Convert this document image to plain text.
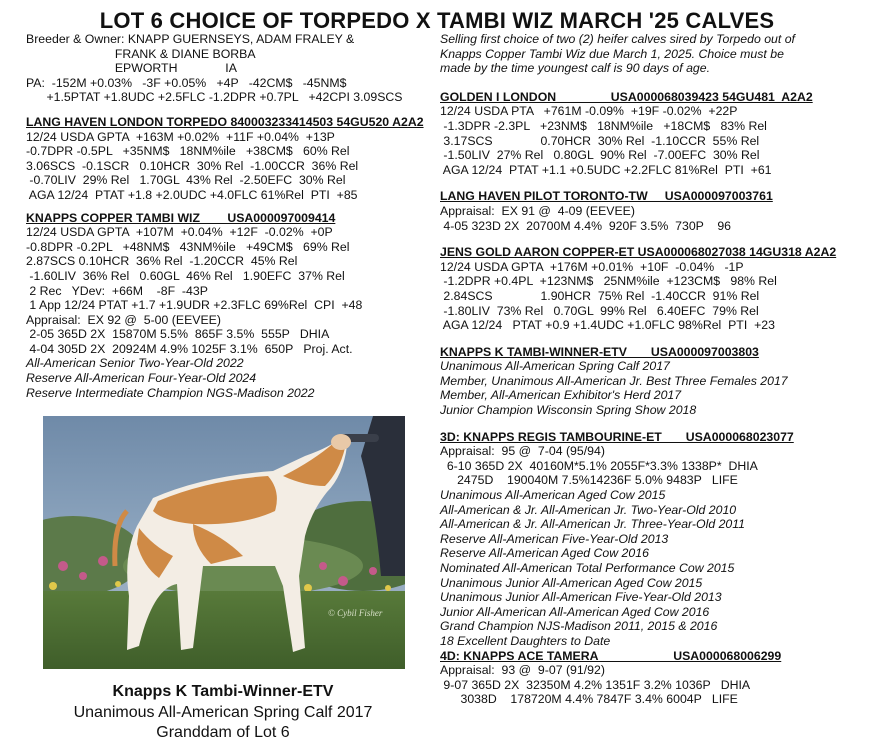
LOT 6 CHOICE OF TORPEDO X TAMBI WIZ MARCH '25 CALVES
Breeder & Owner: KNAPP GUERNSEYS, ADAM FRALEY &
FRANK & DIANE BORBA
EPWORTH              IA
PA:  -152M +0.03%   -3F +0.05%   +4P   -42CM$   -45NM$
+1.5PTAT +1.8UDC +2.5FLC -1.2DPR +0.7PL   +42CPI 3.09SCS
LANG HAVEN LONDON TORPEDO 840003233414503 54GU520 A2A2
12/24 USDA GPTA  +163M +0.02%  +11F +0.04%  +13P
-0.7DPR -0.5PL   +35NM$   18NM%ile   +38CM$   60% Rel
3.06SCS  -0.1SCR   0.10HCR  30% Rel  -1.00CCR  36% Rel
-0.70LIV  29% Rel   1.70GL  43% Rel  -2.50EFC  30% Rel
AGA 12/24  PTAT +1.8 +2.0UDC +4.0FLC 61%Rel  PTI  +85
KNAPPS COPPER TAMBI WIZ        USA000097009414
12/24 USDA GPTA  +107M  +0.04%  +12F  -0.02%  +0P
-0.8DPR -0.2PL   +48NM$   43NM%ile   +49CM$   69% Rel
2.87SCS 0.10HCR  36% Rel  -1.20CCR  45% Rel
-1.60LIV  36% Rel   0.60GL  46% Rel   1.90EFC  37% Rel
2 Rec   YDev:  +66M    -8F  -43P
1 App 12/24 PTAT +1.7 +1.9UDR +2.3FLC 69%Rel  CPI  +48
Appraisal:  EX 92 @  5-00 (EEVEE)
2-05 365D 2X  15870M 5.5%  865F 3.5%  555P   DHIA
4-04 305D 2X  20924M 4.9% 1025F 3.1%  650P   Proj. Act.
All-American Senior Two-Year-Old 2022
Reserve All-American Four-Year-Old 2024
Reserve Intermediate Champion NGS-Madison 2022
© Cybil Fisher
Knapps K Tambi-Winner-ETV
Unanimous All-American Spring Calf 2017
Granddam of Lot 6
Selling first choice of two (2) heifer calves sired by Torpedo out of
Knapps Copper Tambi Wiz due March 1, 2025. Choice must be
made by the time youngest calf is 90 days of age.
GOLDEN I LONDON                USA000068039423 54GU481  A2A2
12/24 USDA PTA   +761M -0.09%  +19F -0.02%  +22P
-1.3DPR -2.3PL   +23NM$   18NM%ile   +18CM$   83% Rel
3.17SCS              0.70HCR  30% Rel  -1.10CCR  55% Rel
-1.50LIV  27% Rel   0.80GL  90% Rel  -7.00EFC  30% Rel
AGA 12/24  PTAT +1.1 +0.5UDC +2.2FLC 81%Rel  PTI  +61
LANG HAVEN PILOT TORONTO-TW     USA000097003761
Appraisal:  EX 91 @  4-09 (EEVEE)
4-05 323D 2X  20700M 4.4%  920F 3.5%  730P    96
JENS GOLD AARON COPPER-ET USA000068027038 14GU318 A2A2
12/24 USDA GPTA  +176M +0.01%  +10F  -0.04%   -1P
-1.2DPR +0.4PL  +123NM$   25NM%ile  +123CM$   98% Rel
2.84SCS              1.90HCR  75% Rel  -1.40CCR  91% Rel
-1.80LIV  73% Rel   0.70GL  99% Rel   6.40EFC  79% Rel
AGA 12/24   PTAT +0.9 +1.4UDC +1.0FLC 98%Rel  PTI  +23
KNAPPS K TAMBI-WINNER-ETV       USA000097003803
Unanimous All-American Spring Calf 2017
Member, Unanimous All-American Jr. Best Three Females 2017
Member, All-American Exhibitor's Herd 2017
Junior Champion Wisconsin Spring Show 2018
3D: KNAPPS REGIS TAMBOURINE-ET       USA000068023077
Appraisal:  95 @  7-04 (95/94)
6-10 365D 2X  40160M*5.1% 2055F*3.3% 1338P*  DHIA
2475D    190040M 7.5%14236F 5.0% 9483P   LIFE
Unanimous All-American Aged Cow 2015
All-American & Jr. All-American Jr. Two-Year-Old 2010
All-American & Jr. All-American Jr. Three-Year-Old 2011
Reserve All-American Five-Year-Old 2013
Reserve All-American Aged Cow 2016
Nominated All-American Total Performance Cow 2015
Unanimous Junior All-American Aged Cow 2015
Unanimous Junior All-American Five-Year-Old 2013
Junior All-American All-American Aged Cow 2016
Grand Champion NJS-Madison 2011, 2015 & 2016
18 Excellent Daughters to Date
4D: KNAPPS ACE TAMERA                      USA000068006299
Appraisal:  93 @  9-07 (91/92)
9-07 365D 2X  32350M 4.2% 1351F 3.2% 1036P   DHIA
3038D    178720M 4.4% 7847F 3.4% 6004P   LIFE
